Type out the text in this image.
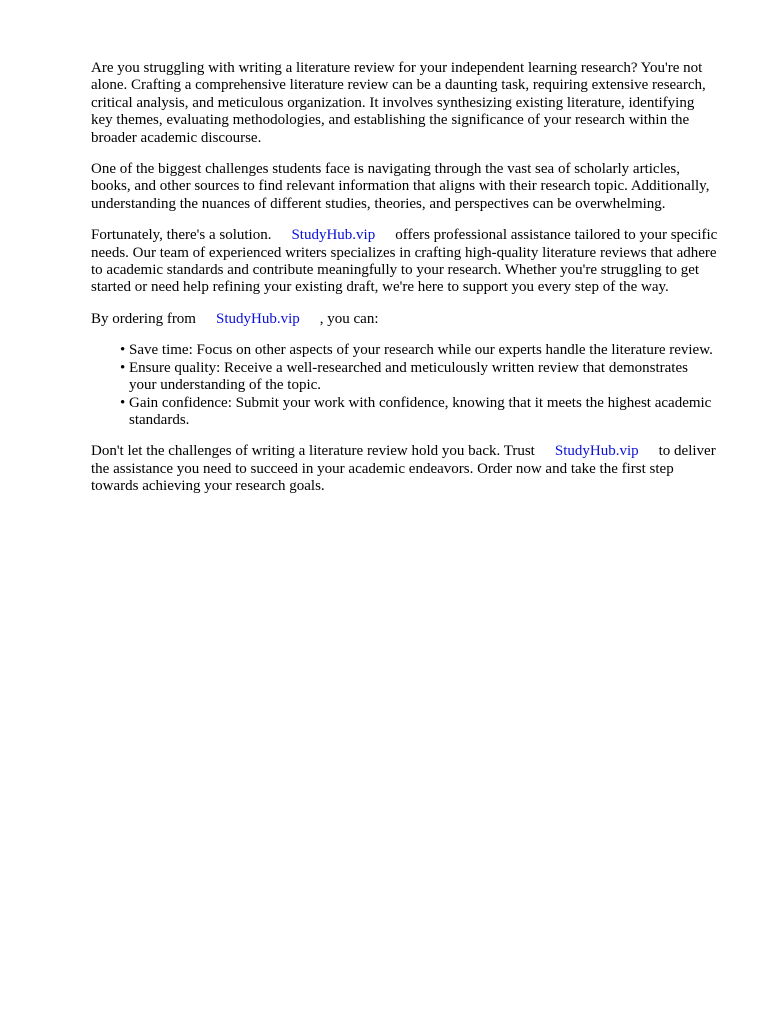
Are you struggling with writing a literature review for your independent learning research? You're not alone. Crafting a comprehensive literature review can be a daunting task, requiring extensive research, critical analysis, and meticulous organization. It involves synthesizing existing literature, identifying key themes, evaluating methodologies, and establishing the significance of your research within the broader academic discourse.

One of the biggest challenges students face is navigating through the vast sea of scholarly articles, books, and other sources to find relevant information that aligns with their research topic. Additionally, understanding the nuances of different studies, theories, and perspectives can be overwhelming.

Fortunately, there's a solution. StudyHub.vip offers professional assistance tailored to your specific needs. Our team of experienced writers specializes in crafting high-quality literature reviews that adhere to academic standards and contribute meaningfully to your research. Whether you're struggling to get started or need help refining your existing draft, we're here to support you every step of the way.

By ordering from StudyHub.vip , you can:

• Save time: Focus on other aspects of your research while our experts handle the literature review.
• Ensure quality: Receive a well-researched and meticulously written review that demonstrates your understanding of the topic.
• Gain confidence: Submit your work with confidence, knowing that it meets the highest academic standards.

Don't let the challenges of writing a literature review hold you back. Trust StudyHub.vip to deliver the assistance you need to succeed in your academic endeavors. Order now and take the first step towards achieving your research goals.
